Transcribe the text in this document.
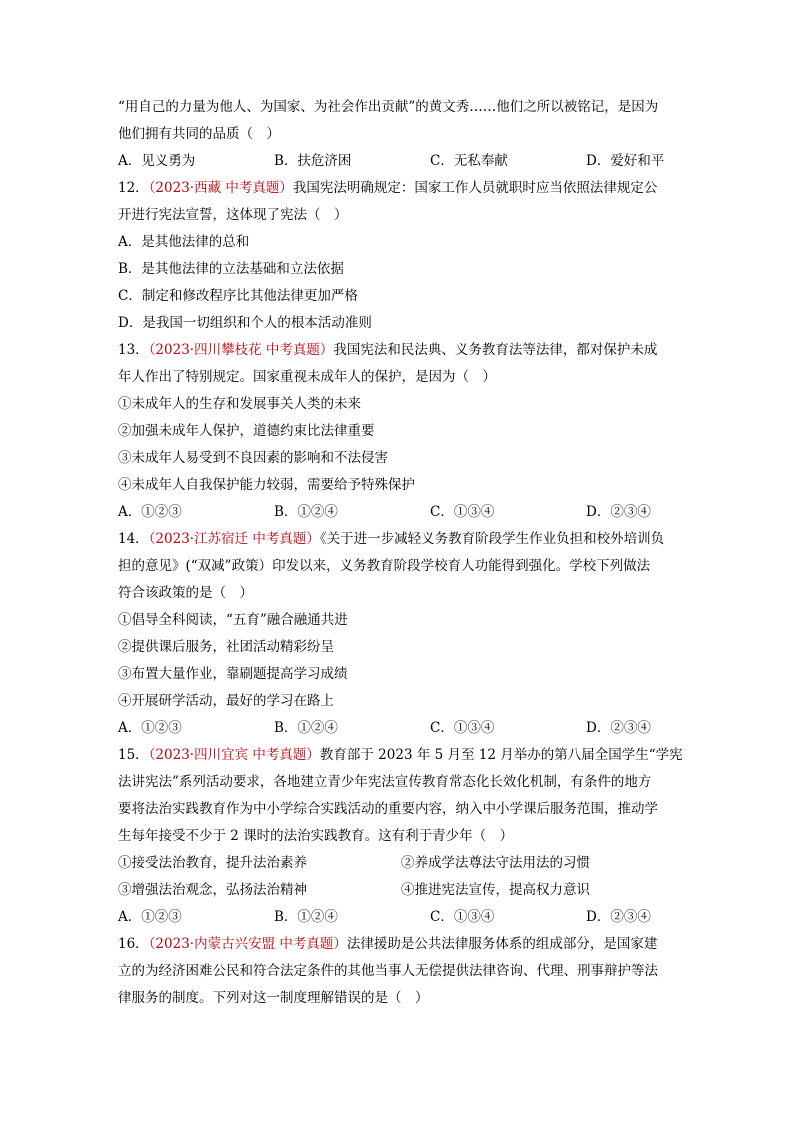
“用自己的力量为他人、为国家、为社会作出贡献”的黄文秀……他们之所以被铭记，是因为
他们拥有共同的品质（　）
A．见义勇为	B．扶危济困	C．无私奉献	D．爱好和平
12．（2023·西藏 中考真题）我国宪法明确规定：国家工作人员就职时应当依照法律规定公
开进行宪法宣誓，这体现了宪法（　）
A．是其他法律的总和
B．是其他法律的立法基础和立法依据
C．制定和修改程序比其他法律更加严格
D．是我国一切组织和个人的根本活动准则
13．（2023·四川攀枝花 中考真题）我国宪法和民法典、义务教育法等法律，都对保护未成
年人作出了特别规定。国家重视未成年人的保护，是因为（　）
①未成年人的生存和发展事关人类的未来
②加强未成年人保护，道德约束比法律重要
③未成年人易受到不良因素的影响和不法侵害
④未成年人自我保护能力较弱，需要给予特殊保护
A．①②③	B．①②④	C．①③④	D．②③④
14．（2023·江苏宿迁 中考真题）《关于进一步减轻义务教育阶段学生作业负担和校外培训负
担的意见》(“双减”政策）印发以来，义务教育阶段学校育人功能得到强化。学校下列做法
符合该政策的是（　）
①倡导全科阅读，“五育”融合融通共进
②提供课后服务，社团活动精彩纷呈
③布置大量作业，靠刷题提高学习成绩
④开展研学活动，最好的学习在路上
A．①②③	B．①②④	C．①③④	D．②③④
15．（2023·四川宜宾 中考真题）教育部于 2023 年 5 月至 12 月举办的第八届全国学生“学宪
法讲宪法”系列活动要求，各地建立青少年宪法宣传教育常态化长效化机制，有条件的地方
要将法治实践教育作为中小学综合实践活动的重要内容，纳入中小学课后服务范围，推动学
生每年接受不少于 2 课时的法治实践教育。这有利于青少年（　）
①接受法治教育，提升法治素养	②养成学法尊法守法用法的习惯
③增强法治观念，弘扬法治精神	④推进宪法宣传，提高权力意识
A．①②③	B．①②④	C．①③④	D．②③④
16．（2023·内蒙古兴安盟 中考真题）法律援助是公共法律服务体系的组成部分，是国家建
立的为经济困难公民和符合法定条件的其他当事人无偿提供法律咨询、代理、刑事辩护等法
律服务的制度。下列对这一制度理解错误的是（　）
